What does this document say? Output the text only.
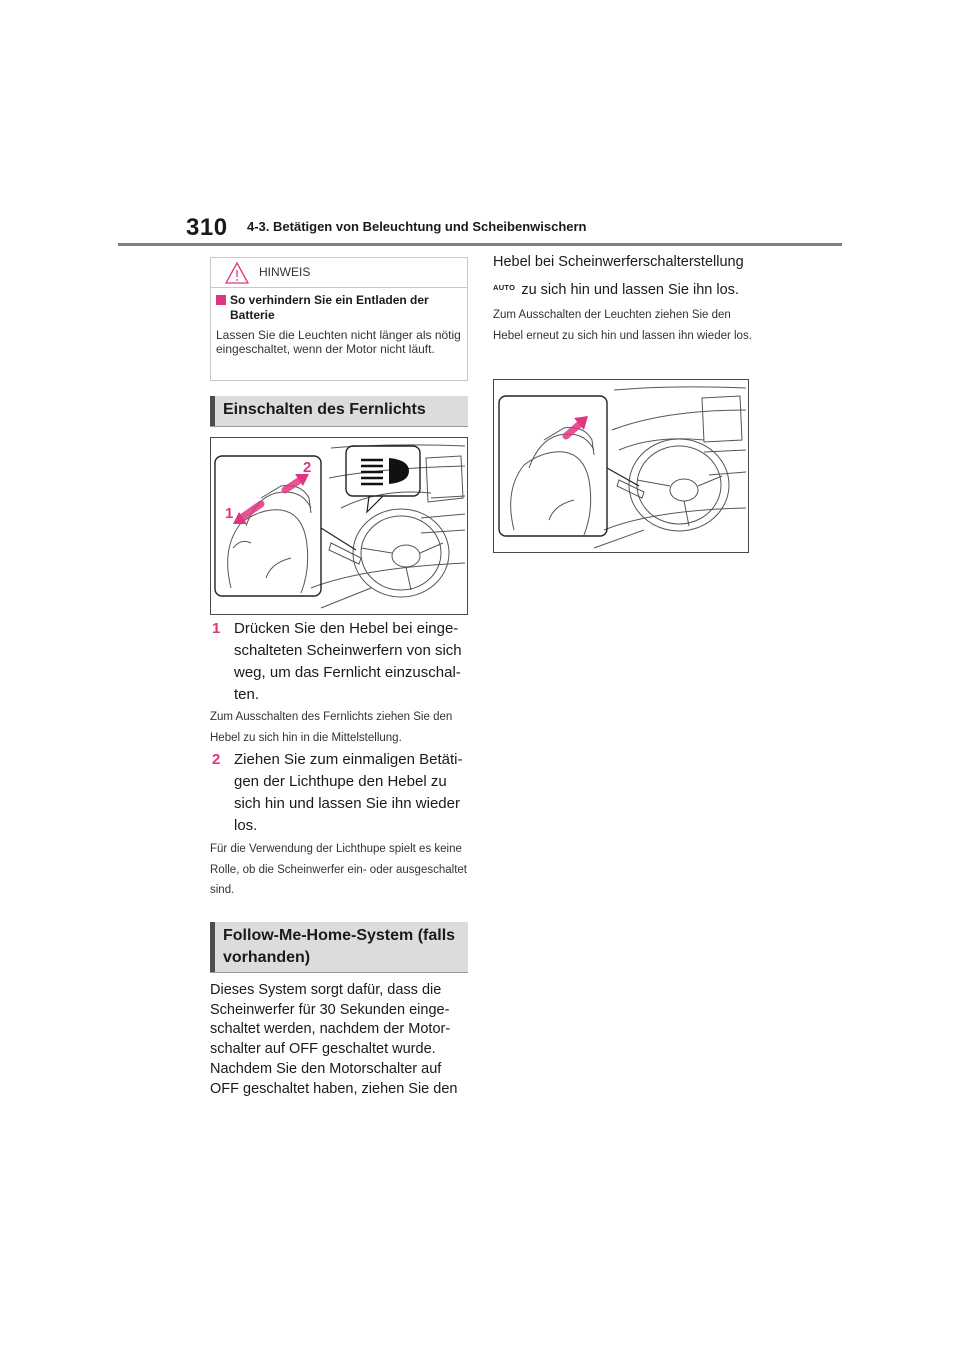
310 4-3. Betätigen von Beleuchtung und Scheibenwischern
HINWEIS
So verhindern Sie ein Entladen der Batterie
Lassen Sie die Leuchten nicht länger als nötig eingeschaltet, wenn der Motor nicht läuft.
Einschalten des Fernlichts
2
1
1 Drücken Sie den Hebel bei einge-schalteten Scheinwerfern von sich weg, um das Fernlicht einzuschal-ten.
Zum Ausschalten des Fernlichts ziehen Sie den Hebel zu sich hin in die Mittelstellung.
2 Ziehen Sie zum einmaligen Betäti-gen der Lichthupe den Hebel zu sich hin und lassen Sie ihn wieder los.
Für die Verwendung der Lichthupe spielt es keine Rolle, ob die Scheinwerfer ein- oder ausgeschaltet sind.
Follow-Me-Home-System (falls vorhanden)
Dieses System sorgt dafür, dass die Scheinwerfer für 30 Sekunden einge-schaltet werden, nachdem der Motor-schalter auf OFF geschaltet wurde.
Nachdem Sie den Motorschalter auf OFF geschaltet haben, ziehen Sie den
Hebel bei Scheinwerferschalterstellung
$^{AUTO}$ zu sich hin und lassen Sie ihn los.
Zum Ausschalten der Leuchten ziehen Sie den Hebel erneut zu sich hin und lassen ihn wieder los.
